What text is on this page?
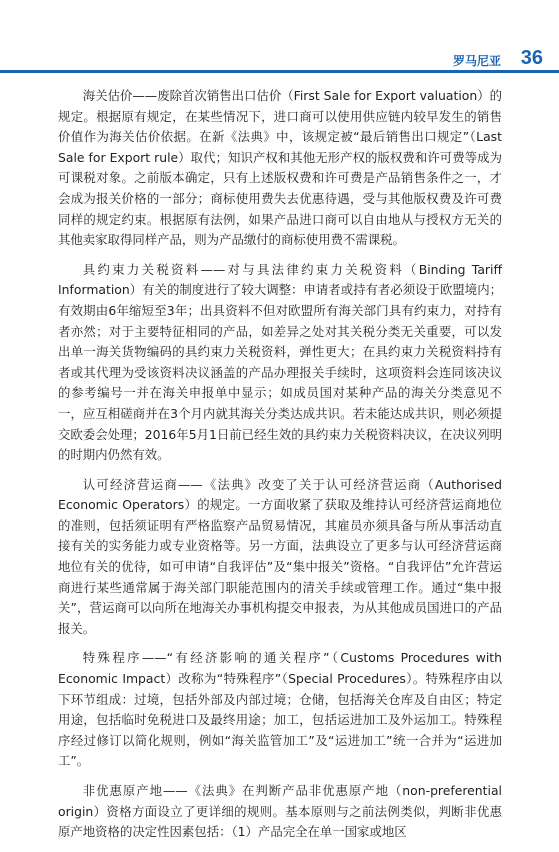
罗马尼亚 36

海关估价——废除首次销售出口估价（First Sale for Export valuation）的规定。根据原有规定，在某些情况下，进口商可以使用供应链内较早发生的销售价值作为海关估价依据。在新《法典》中，该规定被“最后销售出口规定”（Last Sale for Export rule）取代；知识产权和其他无形产权的版权费和许可费等成为可课税对象。之前版本确定，只有上述版权费和许可费是产品销售条件之一，才会成为报关价格的一部分；商标使用费失去优惠待遇，受与其他版权费及许可费同样的规定约束。根据原有法例，如果产品进口商可以自由地从与授权方无关的其他卖家取得同样产品，则为产品缴付的商标使用费不需课税。

具约束力关税资料——对与具法律约束力关税资料（Binding Tariff Information）有关的制度进行了较大调整：申请者或持有者必须设于欧盟境内；有效期由6年缩短至3年；出具资料不但对欧盟所有海关部门具有约束力，对持有者亦然；对于主要特征相同的产品，如差异之处对其关税分类无关重要，可以发出单一海关货物编码的具约束力关税资料，弹性更大；在具约束力关税资料持有者或其代理为受该资料决议涵盖的产品办理报关手续时，这项资料会连同该决议的参考编号一并在海关申报单中显示；如成员国对某种产品的海关分类意见不一，应互相磋商并在3个月内就其海关分类达成共识。若未能达成共识，则必须提交欧委会处理；2016年5月1日前已经生效的具约束力关税资料决议，在决议列明的时期内仍然有效。

认可经济营运商——《法典》改变了关于认可经济营运商（Authorised Economic Operators）的规定。一方面收紧了获取及维持认可经济营运商地位的准则，包括须证明有严格监察产品贸易情况，其雇员亦须具备与所从事活动直接有关的实务能力或专业资格等。另一方面，法典设立了更多与认可经济营运商地位有关的优待，如可申请“自我评估”及“集中报关”资格。“自我评估”允许营运商进行某些通常属于海关部门职能范围内的清关手续或管理工作。通过“集中报关”，营运商可以向所在地海关办事机构提交申报表，为从其他成员国进口的产品报关。

特殊程序——“有经济影响的通关程序”（Customs Procedures with Economic Impact）改称为“特殊程序”（Special Procedures）。特殊程序由以下环节组成：过境，包括外部及内部过境；仓储，包括海关仓库及自由区；特定用途，包括临时免税进口及最终用途；加工，包括运进加工及外运加工。特殊程序经过修订以简化规则，例如“海关监管加工”及“运进加工”统一合并为“运进加工”。

非优惠原产地——《法典》在判断产品非优惠原产地（non-preferential origin）资格方面设立了更详细的规则。基本原则与之前法例类似，判断非优惠原产地资格的决定性因素包括：（1）产品完全在单一国家或地区
